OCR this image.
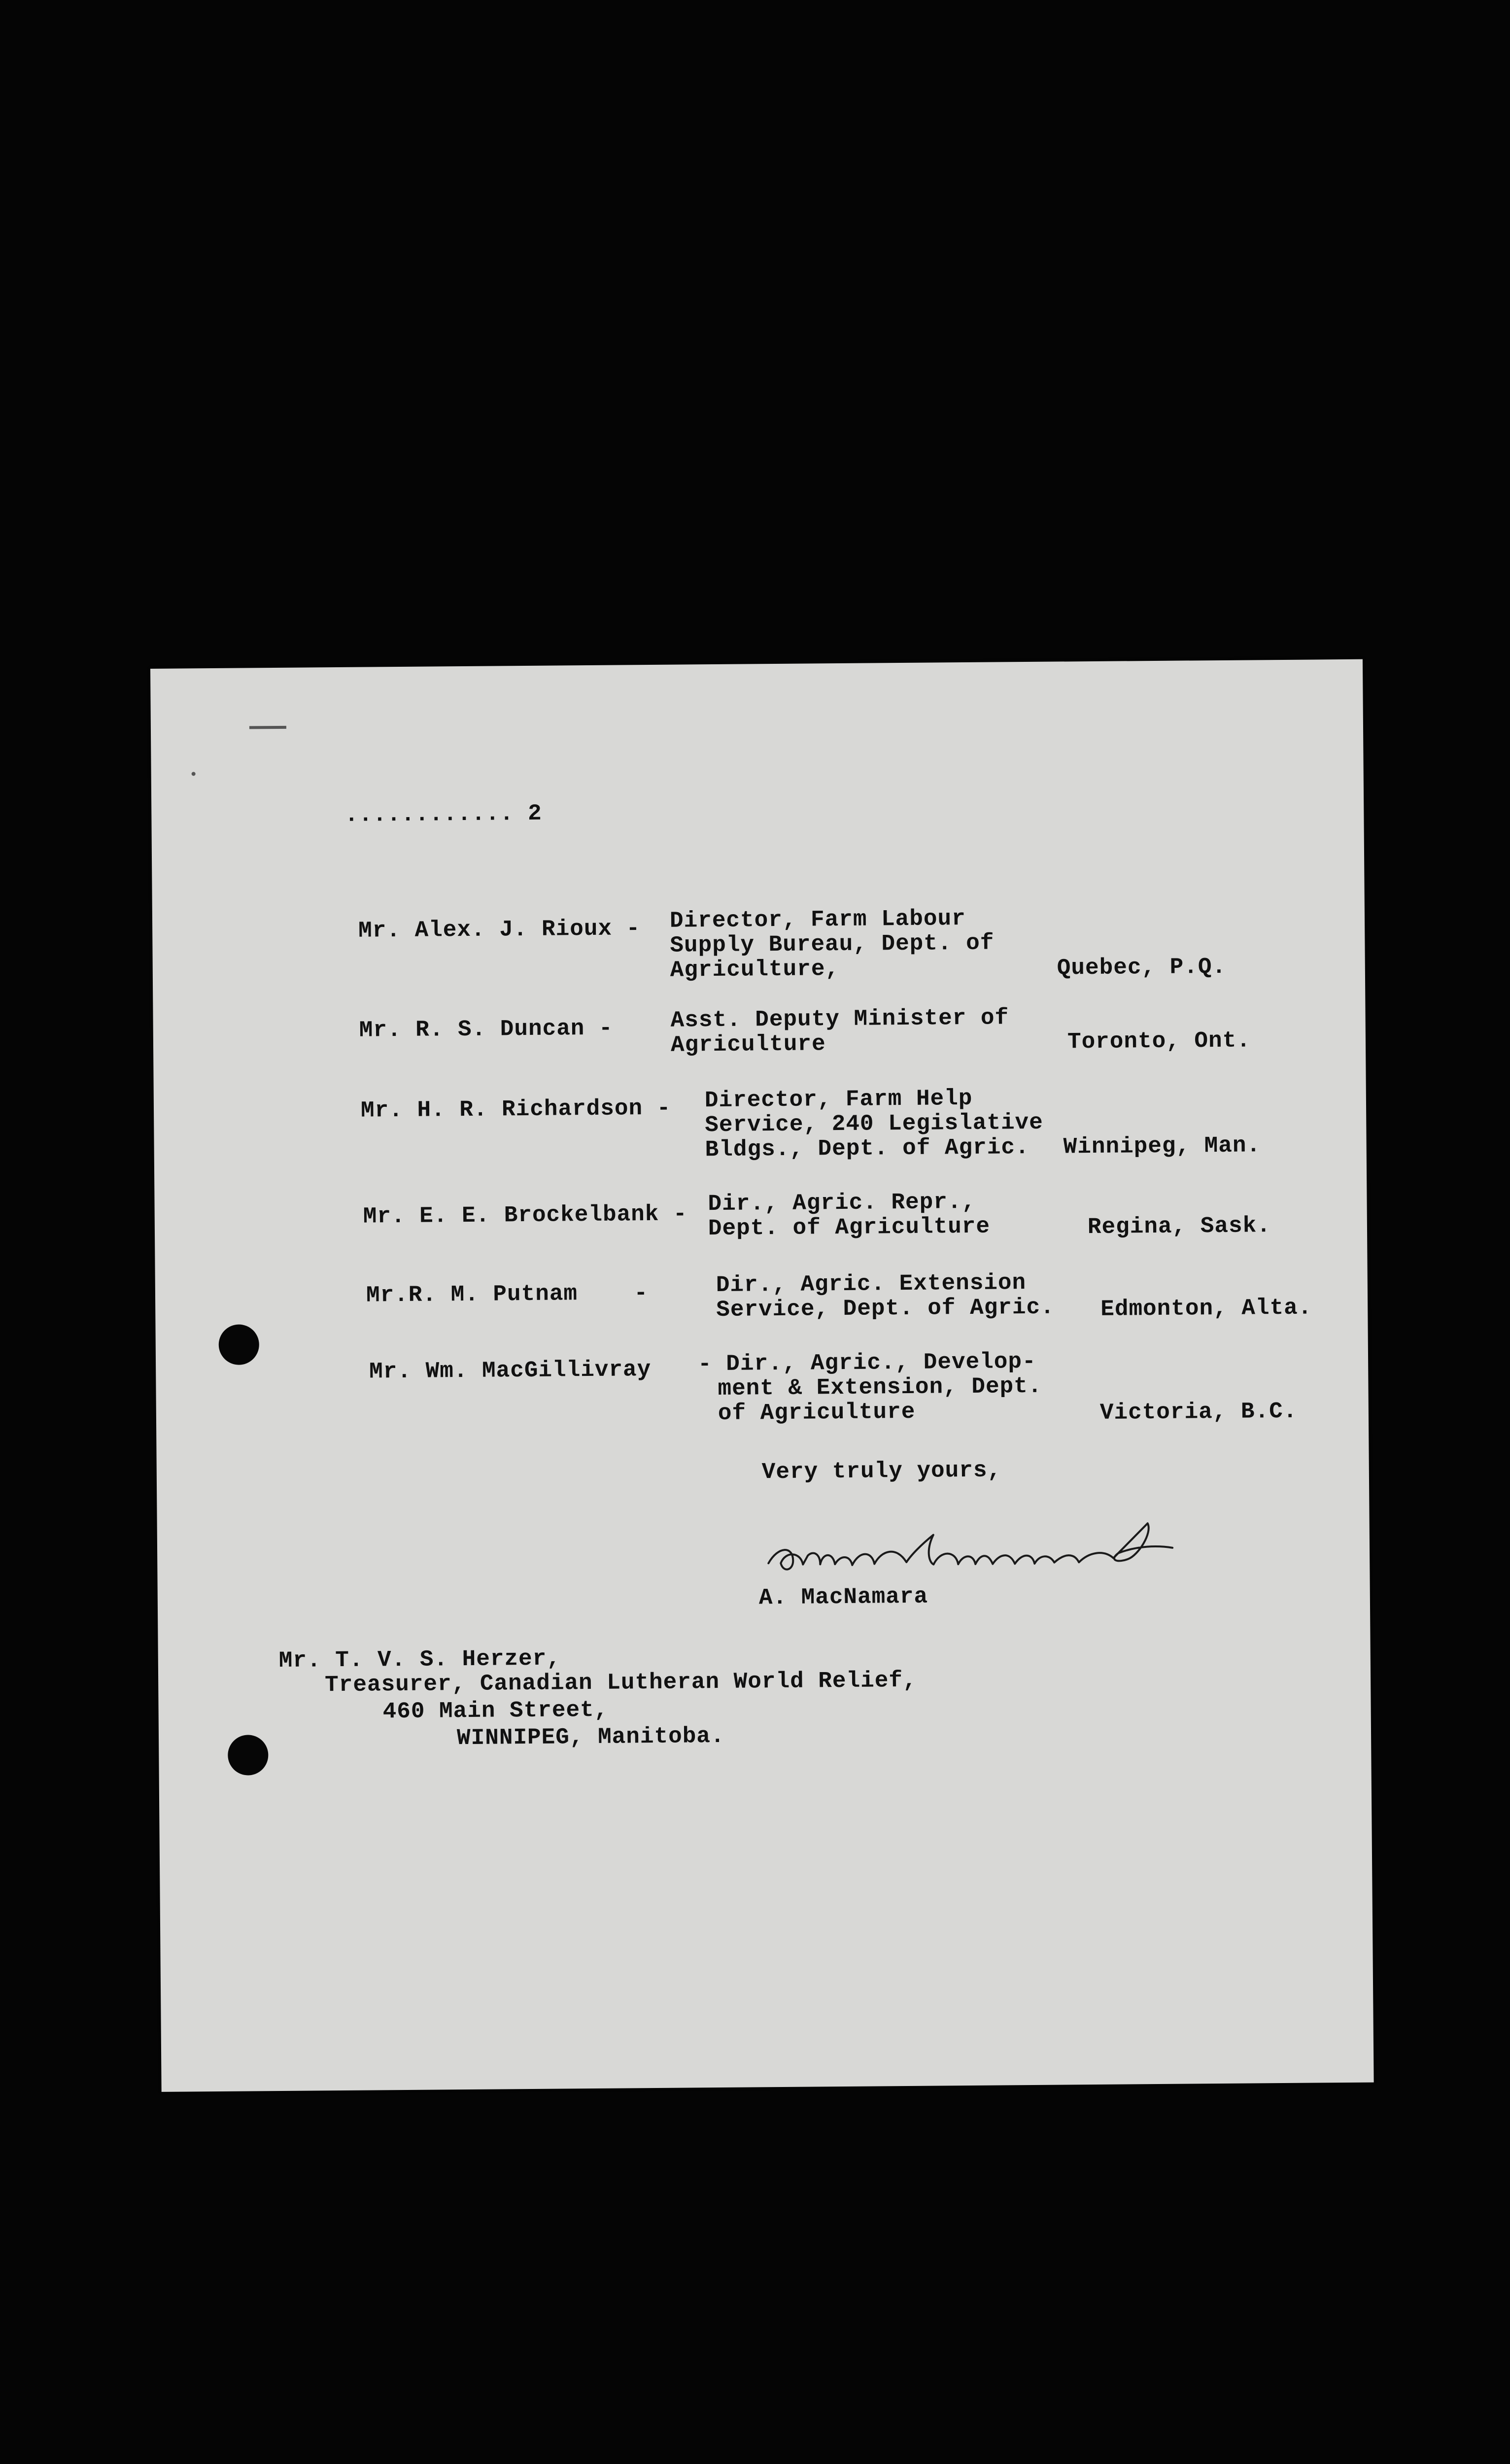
............ 2
Mr. Alex. J. Rioux - Director, Farm Labour
Supply Bureau, Dept. of
Agriculture,	Quebec, P.Q.
Mr. R. S. Duncan -	Asst. Deputy Minister of
Agriculture	Toronto, Ont.
Mr. H. R. Richardson - Director, Farm Help
Service, 240 Legislative
Bldgs., Dept. of Agric. Winnipeg, Man.
Mr. E. E. Brockelbank - Dir., Agric. Repr.,
Dept. of Agriculture	Regina, Sask.
Mr.R. M. Putnam    -	Dir., Agric. Extension
Service, Dept. of Agric. Edmonton, Alta.
Mr. Wm. MacGillivray - Dir., Agric., Develop-
ment & Extension, Dept.
of Agriculture	Victoria, B.C.
Very truly yours,
A. MacNamara
Mr. T. V. S. Herzer,
Treasurer, Canadian Lutheran World Relief,
460 Main Street,
WINNIPEG, Manitoba.
